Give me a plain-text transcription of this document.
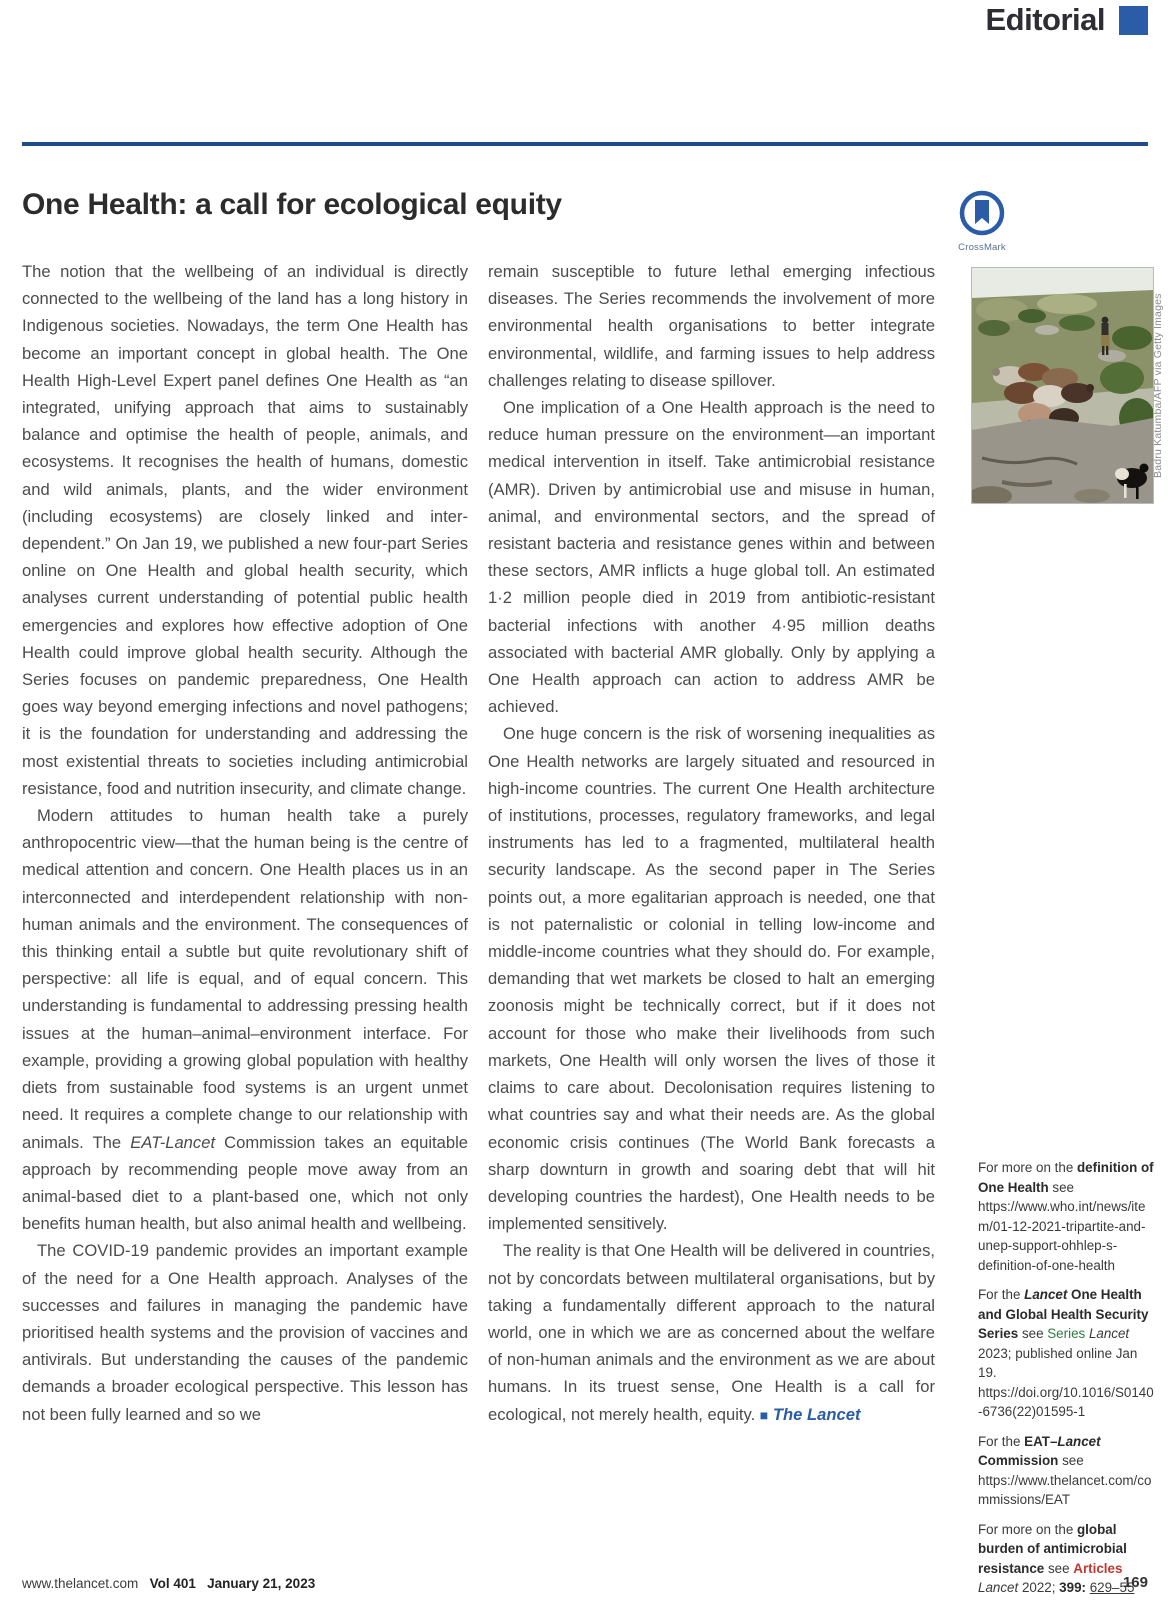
Editorial
One Health: a call for ecological equity
CrossMark

The notion that the wellbeing of an individual is directly connected to the wellbeing of the land has a long history in Indigenous societies. Nowadays, the term One Health has become an important concept in global health. The One Health High-Level Expert panel defines One Health as “an integrated, unifying approach that aims to sustainably balance and optimise the health of people, animals, and ecosystems. It recognises the health of humans, domestic and wild animals, plants, and the wider environment (including ecosystems) are closely linked and inter-dependent.” On Jan 19, we published a new four-part Series online on One Health and global health security, which analyses current understanding of potential public health emergencies and explores how effective adoption of One Health could improve global health security. Although the Series focuses on pandemic preparedness, One Health goes way beyond emerging infections and novel pathogens; it is the foundation for understanding and addressing the most existential threats to societies including antimicrobial resistance, food and nutrition insecurity, and climate change.

Modern attitudes to human health take a purely anthropocentric view—that the human being is the centre of medical attention and concern. One Health places us in an interconnected and interdependent relationship with non-human animals and the environment. The consequences of this thinking entail a subtle but quite revolutionary shift of perspective: all life is equal, and of equal concern. This understanding is fundamental to addressing pressing health issues at the human–animal–environment interface. For example, providing a growing global population with healthy diets from sustainable food systems is an urgent unmet need. It requires a complete change to our relationship with animals. The EAT-Lancet Commission takes an equitable approach by recommending people move away from an animal-based diet to a plant-based one, which not only benefits human health, but also animal health and wellbeing.

The COVID-19 pandemic provides an important example of the need for a One Health approach. Analyses of the successes and failures in managing the pandemic have prioritised health systems and the provision of vaccines and antivirals. But understanding the causes of the pandemic demands a broader ecological perspective. This lesson has not been fully learned and so we

remain susceptible to future lethal emerging infectious diseases. The Series recommends the involvement of more environmental health organisations to better integrate environmental, wildlife, and farming issues to help address challenges relating to disease spillover.

One implication of a One Health approach is the need to reduce human pressure on the environment—an important medical intervention in itself. Take antimicrobial resistance (AMR). Driven by antimicrobial use and misuse in human, animal, and environmental sectors, and the spread of resistant bacteria and resistance genes within and between these sectors, AMR inflicts a huge global toll. An estimated 1·2 million people died in 2019 from antibiotic-resistant bacterial infections with another 4·95 million deaths associated with bacterial AMR globally. Only by applying a One Health approach can action to address AMR be achieved.

One huge concern is the risk of worsening inequalities as One Health networks are largely situated and resourced in high-income countries. The current One Health architecture of institutions, processes, regulatory frameworks, and legal instruments has led to a fragmented, multilateral health security landscape. As the second paper in The Series points out, a more egalitarian approach is needed, one that is not paternalistic or colonial in telling low-income and middle-income countries what they should do. For example, demanding that wet markets be closed to halt an emerging zoonosis might be technically correct, but if it does not account for those who make their livelihoods from such markets, One Health will only worsen the lives of those it claims to care about. Decolonisation requires listening to what countries say and what their needs are. As the global economic crisis continues (The World Bank forecasts a sharp downturn in growth and soaring debt that will hit developing countries the hardest), One Health needs to be implemented sensitively.

The reality is that One Health will be delivered in countries, not by concordats between multilateral organisations, but by taking a fundamentally different approach to the natural world, one in which we are as concerned about the welfare of non-human animals and the environment as we are about humans. In its truest sense, One Health is a call for ecological, not merely health, equity. ■ The Lancet

Badru Katumba/AFP via Getty Images

For more on the definition of One Health see https://www.who.int/news/item/01-12-2021-tripartite-and-unep-support-ohhlep-s-definition-of-one-health

For the Lancet One Health and Global Health Security Series see Series Lancet 2023; published online Jan 19. https://doi.org/10.1016/S0140-6736(22)01595-1

For the EAT–Lancet Commission see https://www.thelancet.com/commissions/EAT

For more on the global burden of antimicrobial resistance see Articles Lancet 2022; 399: 629–55

www.thelancet.com Vol 401 January 21, 2023	169
